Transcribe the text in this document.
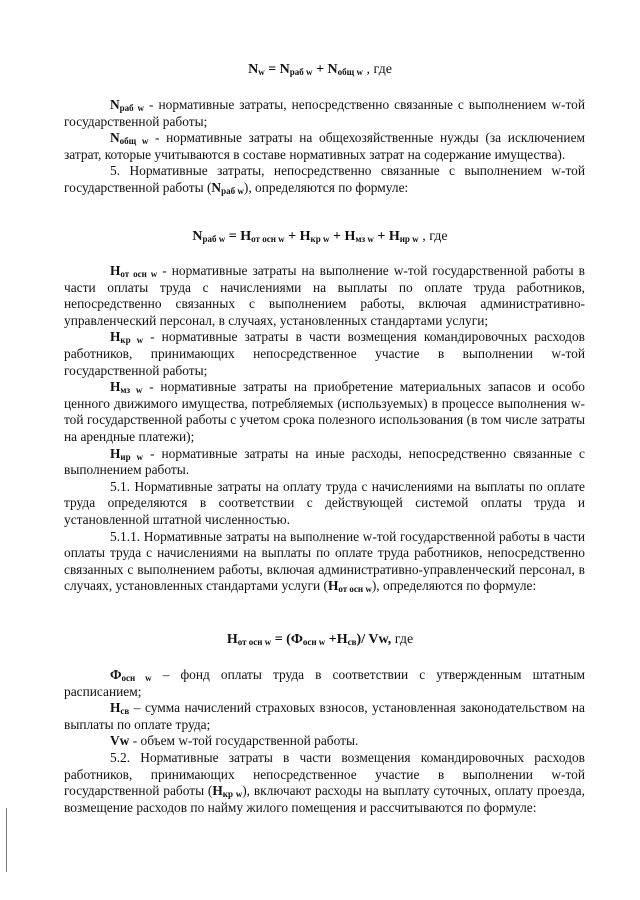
$N_w = N_{раб w} + N_{общ w}$ , где

$N_{раб w}$ - нормативные затраты, непосредственно связанные с выполнением w-той государственной работы;

$N_{общ w}$ - нормативные затраты на общехозяйственные нужды (за исключением затрат, которые учитываются в составе нормативных затрат на содержание имущества).

5. Нормативные затраты, непосредственно связанные с выполнением w-той государственной работы $(N_{раб w})$, определяются по формуле:

$N_{раб w} = Н_{от осн w} + Н_{кр w} + Н_{мз w} + Н_{ир w}$ , где

$Н_{от осн w}$ - нормативные затраты на выполнение w-той государственной работы в части оплаты труда с начислениями на выплаты по оплате труда работников, непосредственно связанных с выполнением работы, включая административно-управленческий персонал, в случаях, установленных стандартами услуги;

$Н_{кр w}$ - нормативные затраты в части возмещения командировочных расходов работников, принимающих непосредственное участие в выполнении w-той государственной работы;

$Н_{мз w}$ - нормативные затраты на приобретение материальных запасов и особо ценного движимого имущества, потребляемых (используемых) в процессе выполнения w-той государственной работы с учетом срока полезного использования (в том числе затраты на арендные платежи);

$Н_{ир w}$ - нормативные затраты на иные расходы, непосредственно связанные с выполнением работы.

5.1. Нормативные затраты на оплату труда с начислениями на выплаты по оплате труда определяются в соответствии с действующей системой оплаты труда и установленной штатной численностью.

5.1.1. Нормативные затраты на выполнение w-той государственной работы в части оплаты труда с начислениями на выплаты по оплате труда работников, непосредственно связанных с выполнением работы, включая административно-управленческий персонал, в случаях, установленных стандартами услуги $(Н_{от осн w})$, определяются по формуле:

$Н_{от осн w} = (Ф_{осн w} +Н_{св})/$ Vw, где

$Ф_{осн w}$ – фонд оплаты труда в соответствии с утвержденным штатным расписанием;

$Н_{св}$ – сумма начислений страховых взносов, установленная законодательством на выплаты по оплате труда;

Vw - объем w-той государственной работы.

5.2. Нормативные затраты в части возмещения командировочных расходов работников, принимающих непосредственное участие в выполнении w-той государственной работы $(Н_{кр w})$, включают расходы на выплату суточных, оплату проезда, возмещение расходов по найму жилого помещения и рассчитываются по формуле:
